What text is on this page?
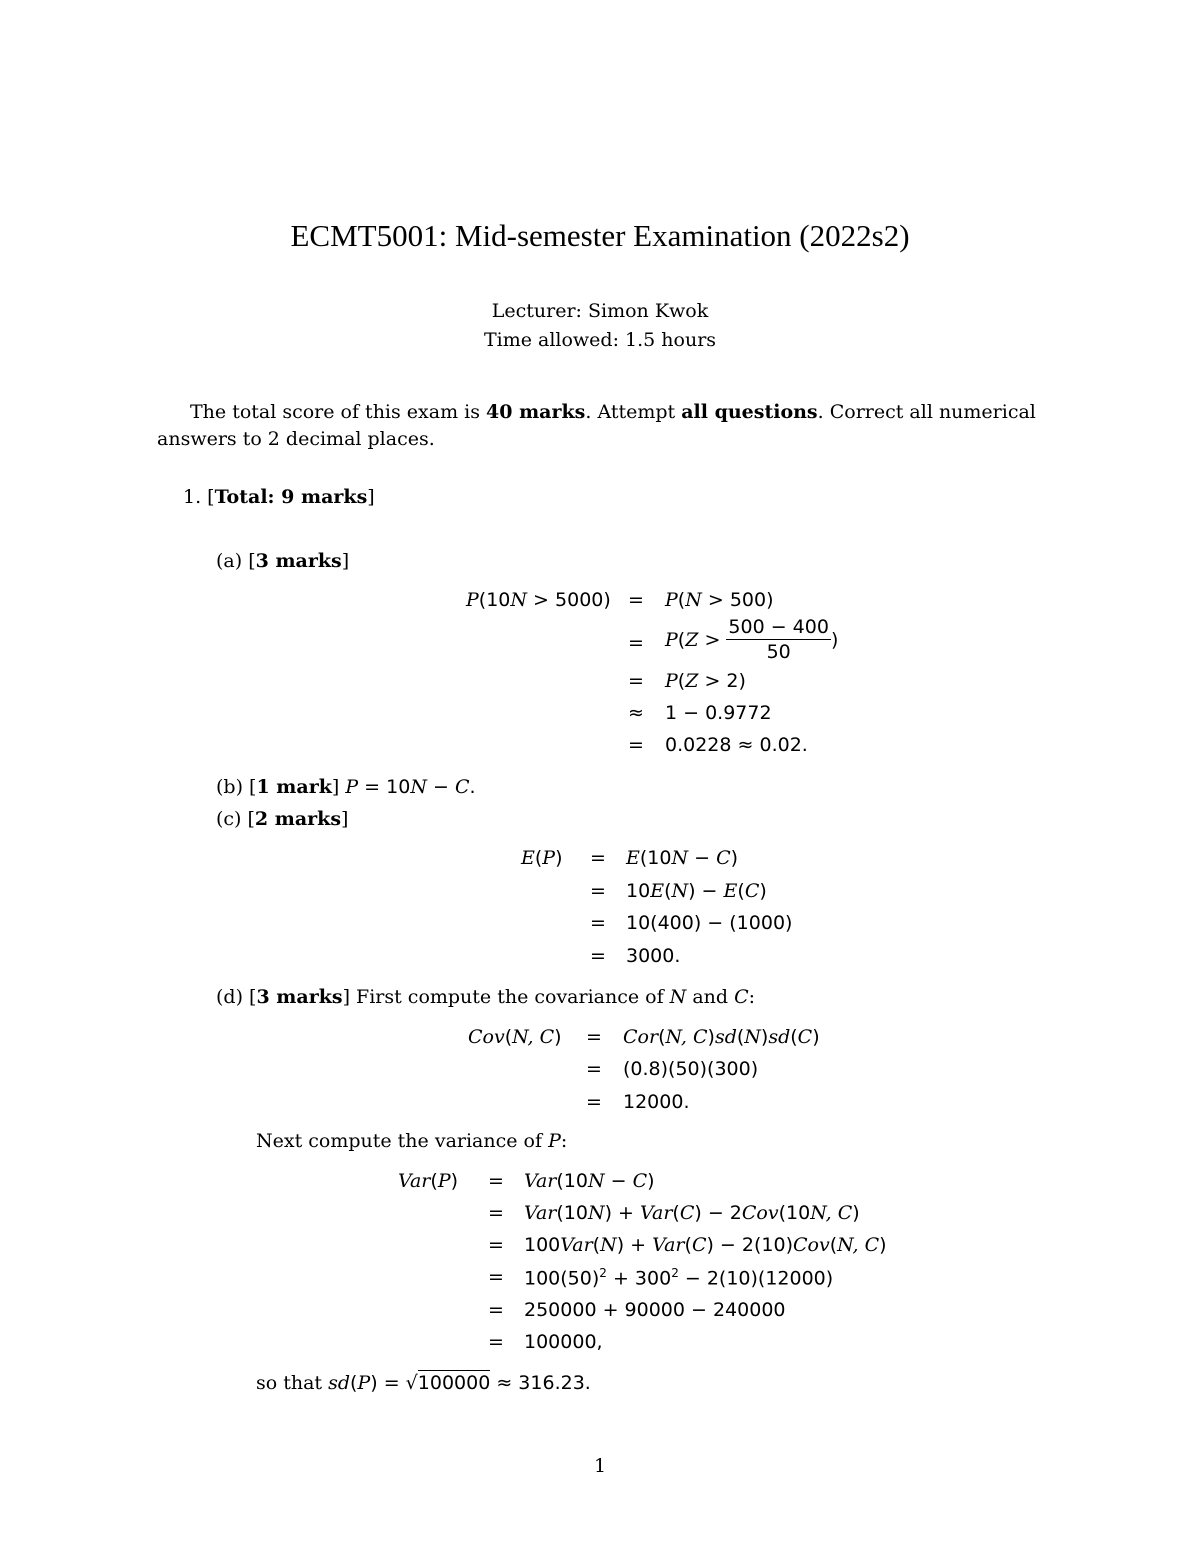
ECMT5001: Mid-semester Examination (2022s2)
Lecturer: Simon Kwok
Time allowed: 1.5 hours
The total score of this exam is 40 marks. Attempt all questions. Correct all numerical
answers to 2 decimal places.
1. [Total: 9 marks]
(a) [3 marks]
P(10N > 5000) = P(N > 500)
= $P(Z > \frac{500 - 400}{50}$ )
= P(Z > 2)
≈ 1 − 0.9772
= 0.0228 ≈ 0.02.
(b) [1 mark] P = 10N − C.
(c) [2 marks]
E(P) = E(10N − C)
= 10E(N) − E(C)
= 10(400) − (1000)
= 3000.
(d) [3 marks] First compute the covariance of N and C:
Cov(N, C) = Cor(N, C)sd(N)sd(C)
= (0.8)(50)(300)
= 12000.
Next compute the variance of P:
Var(P) = Var(10N − C)
= Var(10N) + Var(C) − 2Cov(10N, C)
= 100Var(N) + Var(C) − 2(10)Cov(N, C)
= $100(50)^2 + 300^2 - 2(10)(12000)$
= 250000 + 90000 − 240000
= 100000,
so that sd(P) = √100000 ≈ 316.23.
1
